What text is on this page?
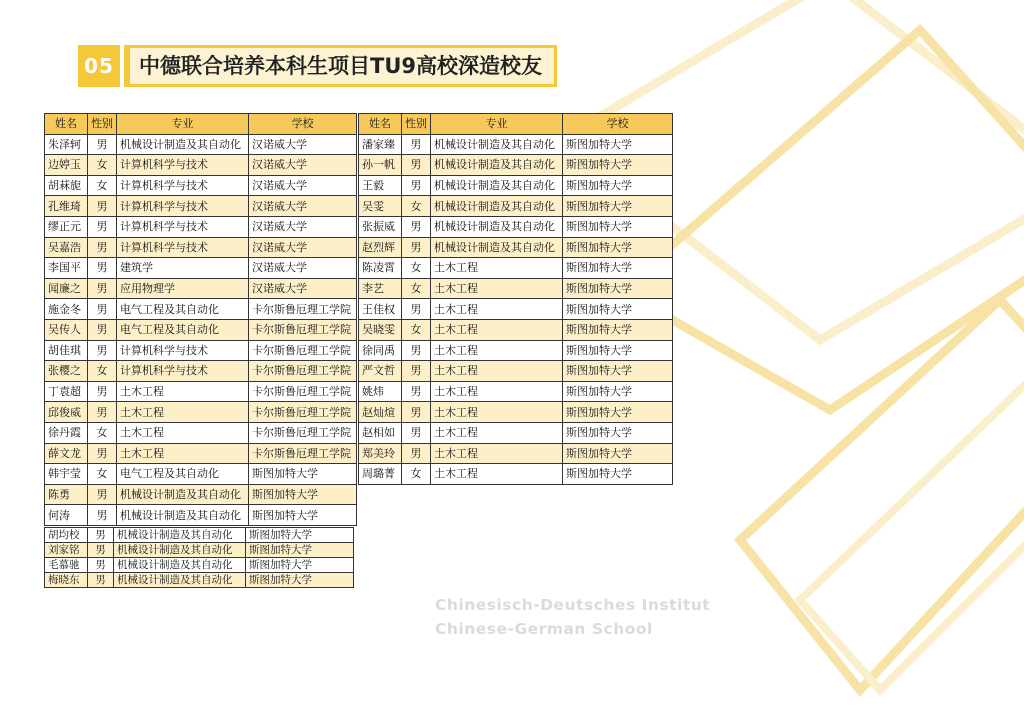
05	中德联合培养本科生项目TU9高校深造校友
姓名	性别	专业	学校
朱泽轲	男	机械设计制造及其自动化	汉诺威大学
边婷玉	女	计算机科学与技术	汉诺威大学
胡菻旎	女	计算机科学与技术	汉诺威大学
孔维琦	男	计算机科学与技术	汉诺威大学
缪正元	男	计算机科学与技术	汉诺威大学
吴嘉浩	男	计算机科学与技术	汉诺威大学
李国平	男	建筑学	汉诺威大学
闻廉之	男	应用物理学	汉诺威大学
施金冬	男	电气工程及其自动化	卡尔斯鲁厄理工学院
吴传人	男	电气工程及其自动化	卡尔斯鲁厄理工学院
胡佳琪	男	计算机科学与技术	卡尔斯鲁厄理工学院
张樱之	女	计算机科学与技术	卡尔斯鲁厄理工学院
丁袁超	男	土木工程	卡尔斯鲁厄理工学院
邱俊威	男	土木工程	卡尔斯鲁厄理工学院
徐丹霞	女	土木工程	卡尔斯鲁厄理工学院
薛文龙	男	土木工程	卡尔斯鲁厄理工学院
韩宇莹	女	电气工程及其自动化	斯图加特大学
陈勇	男	机械设计制造及其自动化	斯图加特大学
何涛	男	机械设计制造及其自动化	斯图加特大学
胡均校	男	机械设计制造及其自动化	斯图加特大学
刘家铭	男	机械设计制造及其自动化	斯图加特大学
毛慕驰	男	机械设计制造及其自动化	斯图加特大学
梅晓东	男	机械设计制造及其自动化	斯图加特大学
姓名	性别	专业	学校
潘家臻	男	机械设计制造及其自动化	斯图加特大学
孙一帆	男	机械设计制造及其自动化	斯图加特大学
王毅	男	机械设计制造及其自动化	斯图加特大学
吴雯	女	机械设计制造及其自动化	斯图加特大学
张振威	男	机械设计制造及其自动化	斯图加特大学
赵烈辉	男	机械设计制造及其自动化	斯图加特大学
陈凌霄	女	土木工程	斯图加特大学
李艺	女	土木工程	斯图加特大学
王佳权	男	土木工程	斯图加特大学
吴晓雯	女	土木工程	斯图加特大学
徐同禹	男	土木工程	斯图加特大学
严文哲	男	土木工程	斯图加特大学
姚炜	男	土木工程	斯图加特大学
赵灿煊	男	土木工程	斯图加特大学
赵相如	男	土木工程	斯图加特大学
郑美玲	男	土木工程	斯图加特大学
周璐菁	女	土木工程	斯图加特大学
Chinesisch-Deutsches Institut
Chinese-German School
